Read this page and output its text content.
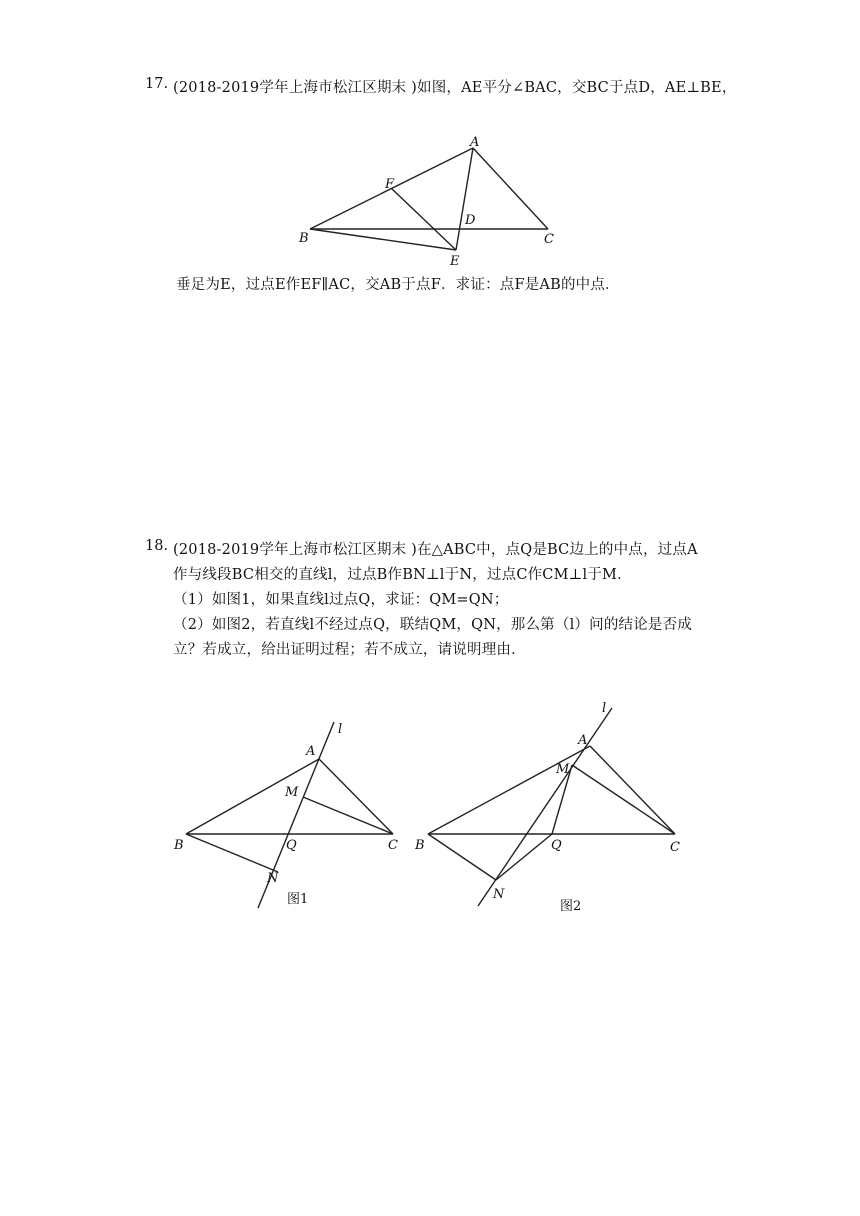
17. (2018-2019学年上海市松江区期末 )如图，AE平分∠BAC，交BC于点D，AE⊥BE，
A
B	C
D
E
F
垂足为E，过点E作EF∥AC，交AB于点F．求证：点F是AB的中点．
18. (2018-2019学年上海市松江区期末 )在△ABC中，点Q是BC边上的中点，过点A
作与线段BC相交的直线l，过点B作BN⊥l于N，过点C作CM⊥l于M．
（1）如图1，如果直线l过点Q，求证：QM=QN；
（2）如图2，若直线l不经过点Q，联结QM，QN，那么第（l）问的结论是否成
立？若成立，给出证明过程；若不成立，请说明理由．
l
A
B	C
M
Q
N
图1
l
A
B	C
M
Q
N
图2
